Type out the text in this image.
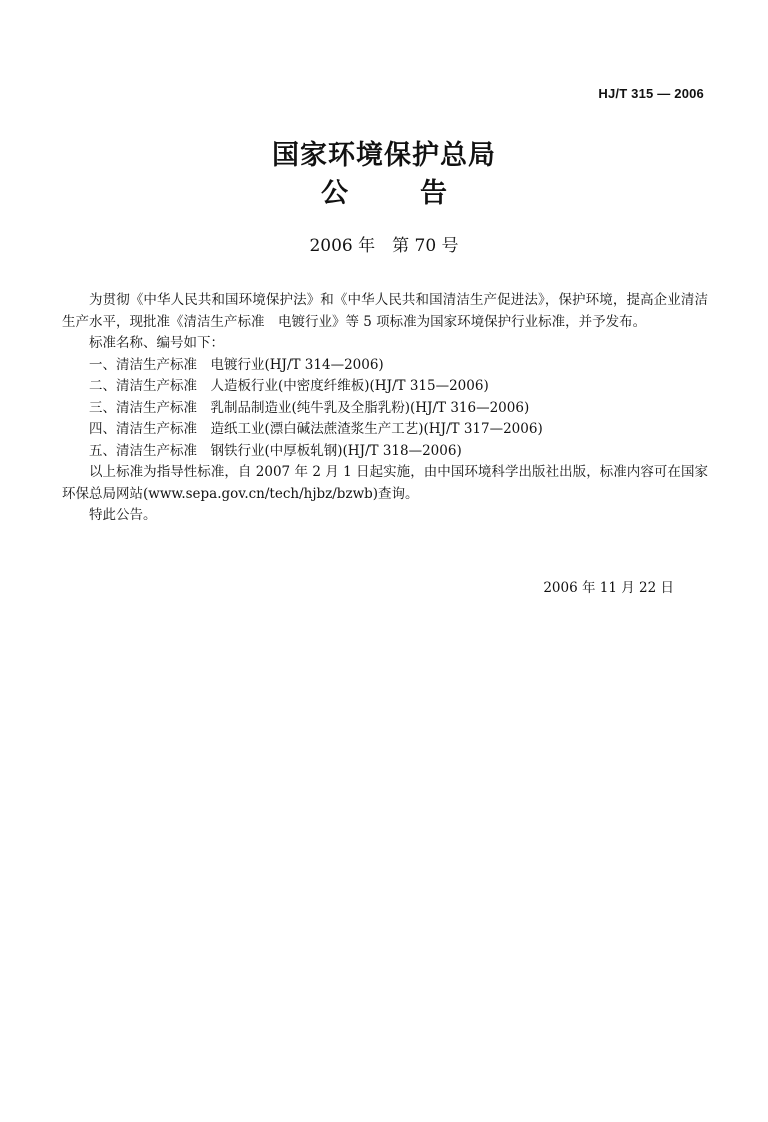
HJ/T 315 — 2006
国家环境保护总局
公告
2006 年　第 70 号

为贯彻《中华人民共和国环境保护法》和《中华人民共和国清洁生产促进法》，保护环境，提高企业清洁生产水平，现批准《清洁生产标准　电镀行业》等 5 项标准为国家环境保护行业标准，并予发布。

标准名称、编号如下：

一、清洁生产标准　电镀行业(HJ/T 314—2006)
二、清洁生产标准　人造板行业(中密度纤维板)(HJ/T 315—2006)
三、清洁生产标准　乳制品制造业(纯牛乳及全脂乳粉)(HJ/T 316—2006)
四、清洁生产标准　造纸工业(漂白碱法蔗渣浆生产工艺)(HJ/T 317—2006)
五、清洁生产标准　钢铁行业(中厚板轧钢)(HJ/T 318—2006)

以上标准为指导性标准，自 2007 年 2 月 1 日起实施，由中国环境科学出版社出版，标准内容可在国家环保总局网站(www.sepa.gov.cn/tech/hjbz/bzwb)查询。

特此公告。

2006 年 11 月 22 日
